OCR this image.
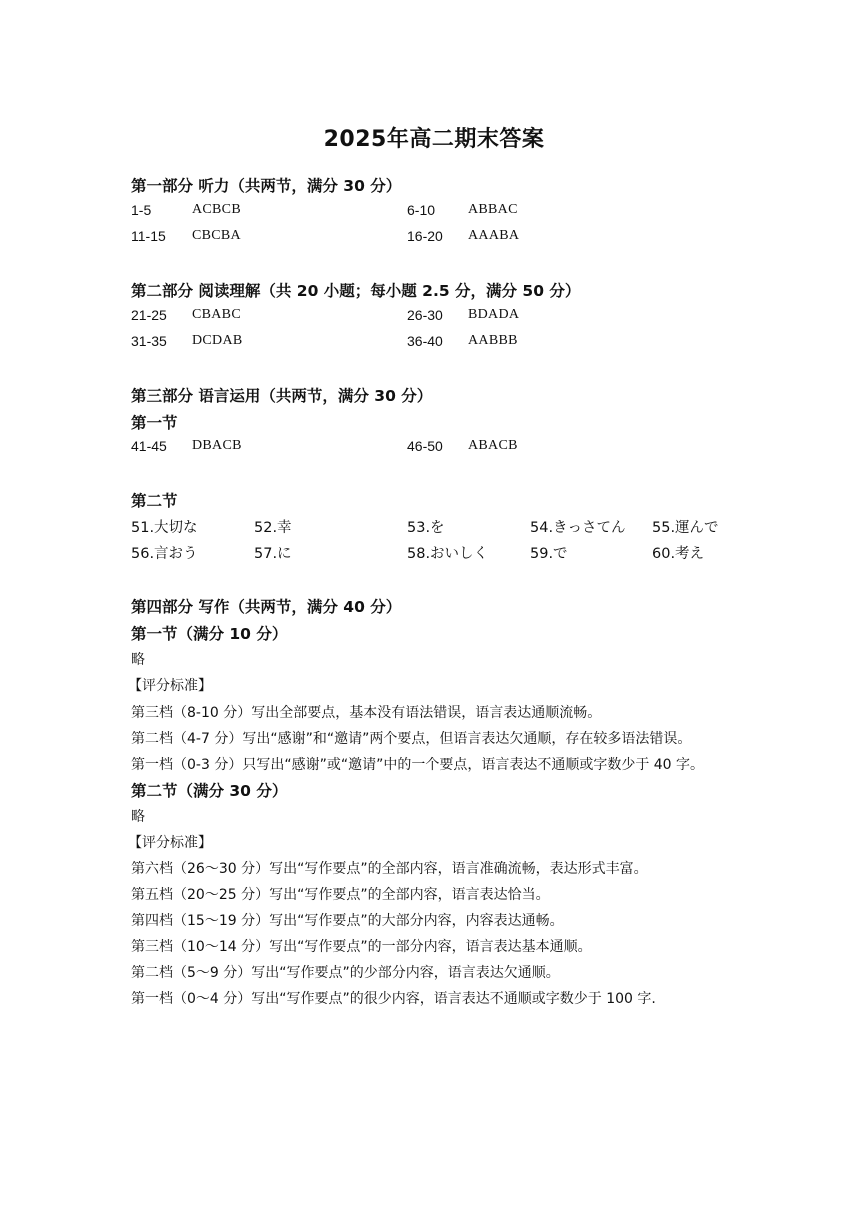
2025年高二期末答案
第一部分 听力（共两节，满分 30 分）
1-5	ACBCB	6-10 ABBAC
11-15 CBCBA	16-20 AAABA
第二部分 阅读理解（共 20 小题；每小题 2.5 分，满分 50 分）
21-25 CBABC	26-30 BDADA
31-35 DCDAB	36-40 AABBB
第三部分 语言运用（共两节，满分 30 分）
第一节
41-45 DBACB	46-50 ABACB
第二节
51.大切な	52.幸	53.を	54.きっさてん 55.運んで
56.言おう	57.に	58.おいしく	59.で	60.考え
第四部分 写作（共两节，满分 40 分）
第一节（满分 10 分）
略
【评分标准】
第三档（8-10 分）写出全部要点，基本没有语法错误，语言表达通顺流畅。
第二档（4-7 分）写出“感谢”和“邀请”两个要点，但语言表达欠通顺，存在较多语法错误。
第一档（0-3 分）只写出“感谢”或“邀请”中的一个要点，语言表达不通顺或字数少于 40 字。
第二节（满分 30 分）
略
【评分标准】
第六档（26～30 分）写出“写作要点”的全部内容，语言准确流畅，表达形式丰富。
第五档（20～25 分）写出“写作要点”的全部内容，语言表达恰当。
第四档（15～19 分）写出“写作要点”的大部分内容，内容表达通畅。
第三档（10～14 分）写出“写作要点”的一部分内容，语言表达基本通顺。
第二档（5～9 分）写出“写作要点”的少部分内容，语言表达欠通顺。
第一档（0～4 分）写出“写作要点”的很少内容，语言表达不通顺或字数少于 100 字.
